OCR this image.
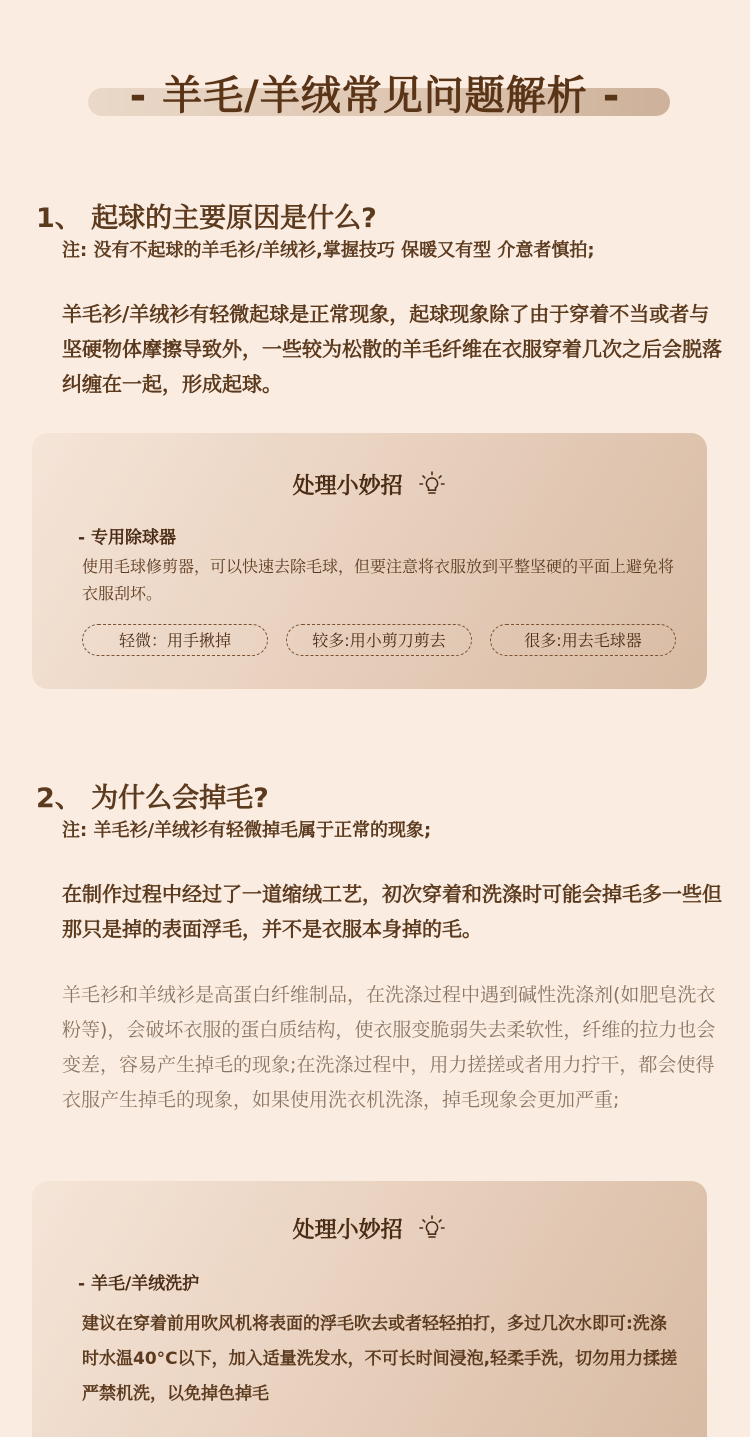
- 羊毛/羊绒常见问题解析 -
1、 起球的主要原因是什么?
注: 没有不起球的羊毛衫/羊绒衫,掌握技巧 保暖又有型 介意者慎拍;

羊毛衫/羊绒衫有轻微起球是正常现象，起球现象除了由于穿着不当或者与坚硬物体摩擦导致外，一些较为松散的羊毛纤维在衣服穿着几次之后会脱落纠缠在一起，形成起球。

处理小妙招
- 专用除球器

使用毛球修剪器，可以快速去除毛球，但要注意将衣服放到平整坚硬的平面上避免将衣服刮坏。

轻微：用手揪掉	较多:用小剪刀剪去	很多:用去毛球器
2、 为什么会掉毛?
注: 羊毛衫/羊绒衫有轻微掉毛属于正常的现象;

在制作过程中经过了一道缩绒工艺，初次穿着和洗涤时可能会掉毛多一些但那只是掉的表面浮毛，并不是衣服本身掉的毛。

羊毛衫和羊绒衫是高蛋白纤维制品，在洗涤过程中遇到碱性洗涤剂(如肥皂洗衣粉等)，会破坏衣服的蛋白质结构，使衣服变脆弱失去柔软性，纤维的拉力也会变差，容易产生掉毛的现象;在洗涤过程中，用力搓搓或者用力拧干，都会使得衣服产生掉毛的现象，如果使用洗衣机洗涤，掉毛现象会更加严重;

处理小妙招
- 羊毛/羊绒洗护

建议在穿着前用吹风机将表面的浮毛吹去或者轻轻拍打，多过几次水即可:洗涤时水温40°C以下，加入适量洗发水，不可长时间浸泡,轻柔手洗，切勿用力揉搓严禁机洗，以免掉色掉毛
